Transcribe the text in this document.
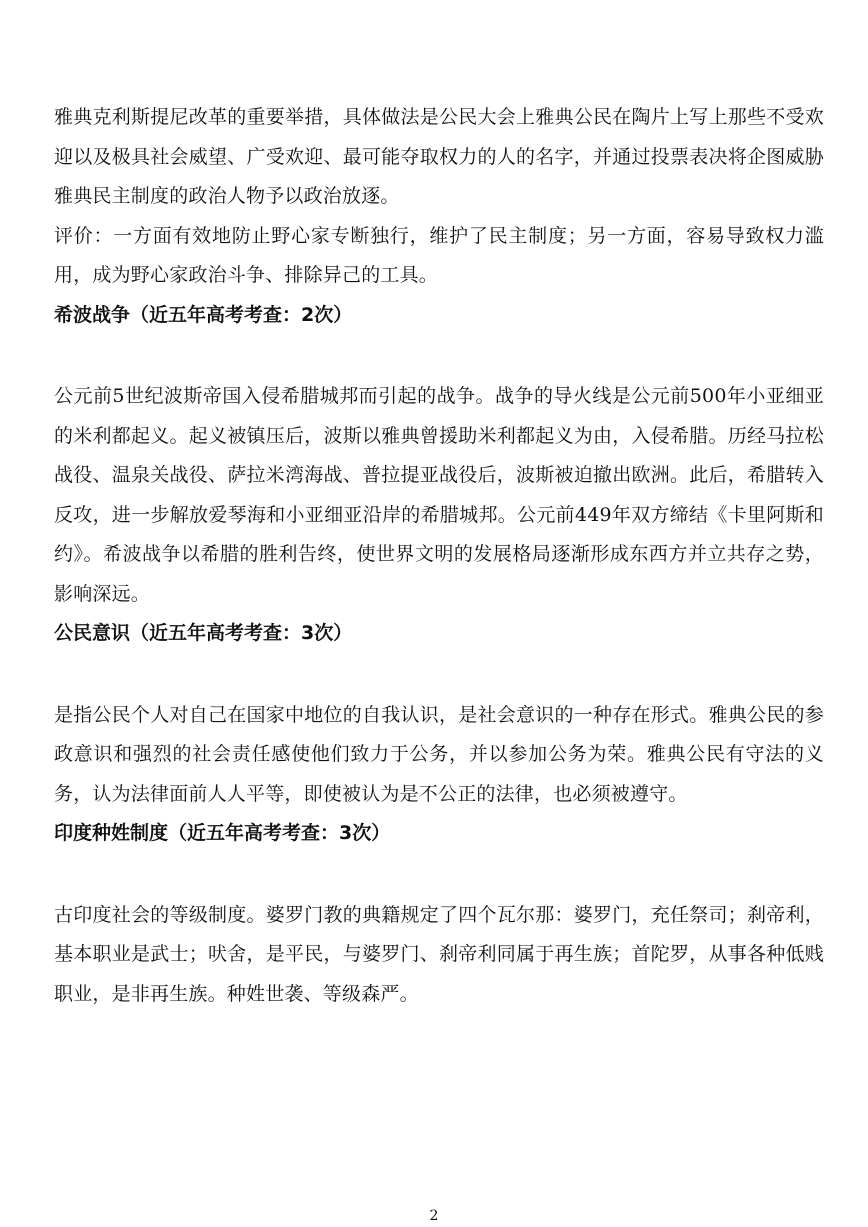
雅典克利斯提尼改革的重要举措，具体做法是公民大会上雅典公民在陶片上写上那些不受欢迎以及极具社会威望、广受欢迎、最可能夺取权力的人的名字，并通过投票表决将企图威胁雅典民主制度的政治人物予以政治放逐。

评价：一方面有效地防止野心家专断独行，维护了民主制度；另一方面，容易导致权力滥用，成为野心家政治斗争、排除异己的工具。

希波战争（近五年高考考查：2次）

公元前5世纪波斯帝国入侵希腊城邦而引起的战争。战争的导火线是公元前500年小亚细亚的米利都起义。起义被镇压后，波斯以雅典曾援助米利都起义为由，入侵希腊。历经马拉松战役、温泉关战役、萨拉米湾海战、普拉提亚战役后，波斯被迫撤出欧洲。此后，希腊转入反攻，进一步解放爱琴海和小亚细亚沿岸的希腊城邦。公元前449年双方缔结《卡里阿斯和约》。希波战争以希腊的胜利告终，使世界文明的发展格局逐渐形成东西方并立共存之势，影响深远。

公民意识（近五年高考考查：3次）

是指公民个人对自己在国家中地位的自我认识，是社会意识的一种存在形式。雅典公民的参政意识和强烈的社会责任感使他们致力于公务，并以参加公务为荣。雅典公民有守法的义务，认为法律面前人人平等，即使被认为是不公正的法律，也必须被遵守。

印度种姓制度（近五年高考考查：3次）

古印度社会的等级制度。婆罗门教的典籍规定了四个瓦尔那：婆罗门，充任祭司；刹帝利，基本职业是武士；吠舍，是平民，与婆罗门、刹帝利同属于再生族；首陀罗，从事各种低贱职业，是非再生族。种姓世袭、等级森严。

2
